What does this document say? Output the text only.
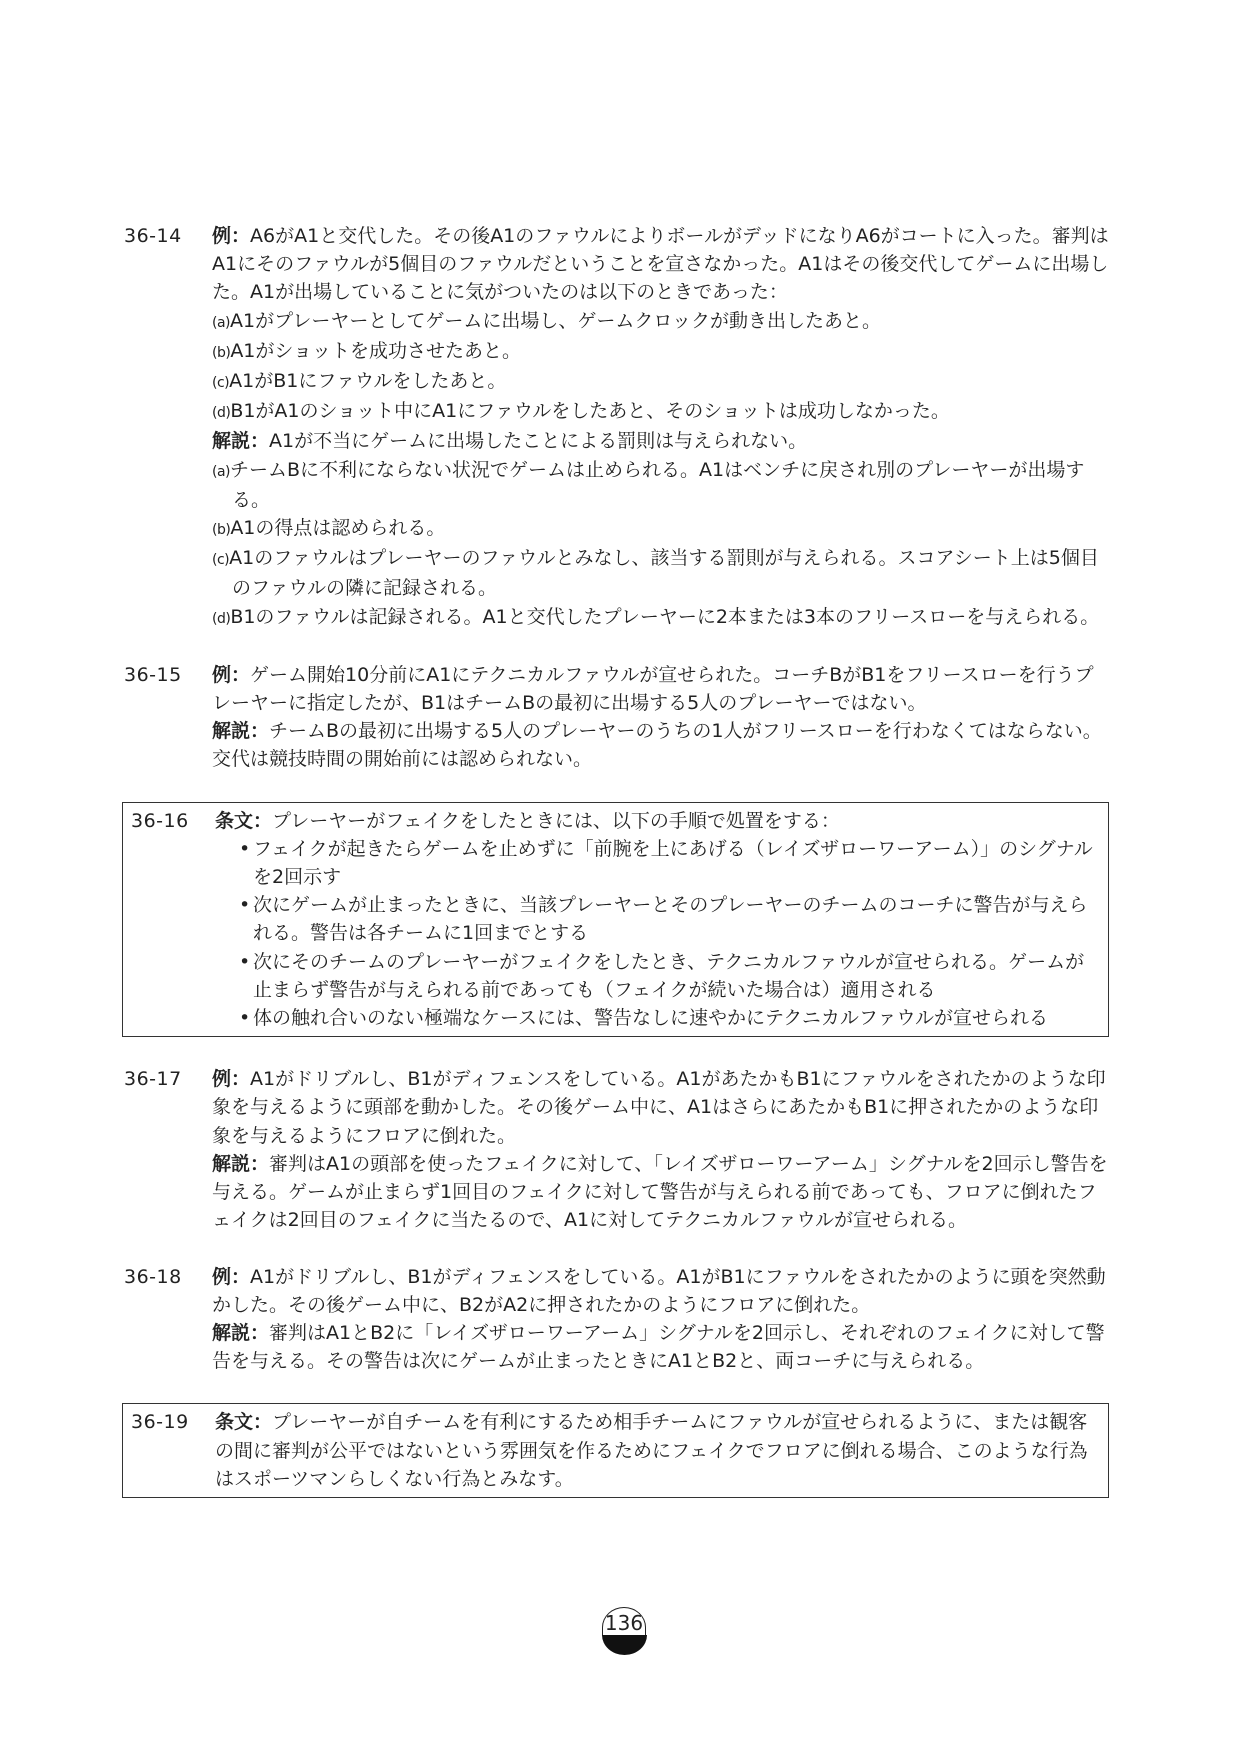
36-14	例：A6がA1と交代した。その後A1のファウルによりボールがデッドになりA6がコートに入った。審判はA1にそのファウルが5個目のファウルだということを宣さなかった。A1はその後交代してゲームに出場した。A1が出場していることに気がついたのは以下のときであった：

(a)A1がプレーヤーとしてゲームに出場し、ゲームクロックが動き出したあと。

(b)A1がショットを成功させたあと。

(c)A1がB1にファウルをしたあと。

(d)B1がA1のショット中にA1にファウルをしたあと、そのショットは成功しなかった。

解説：A1が不当にゲームに出場したことによる罰則は与えられない。

(a)チームBに不利にならない状況でゲームは止められる。A1はベンチに戻され別のプレーヤーが出場する。

(b)A1の得点は認められる。

(c)A1のファウルはプレーヤーのファウルとみなし、該当する罰則が与えられる。スコアシート上は5個目のファウルの隣に記録される。

(d)B1のファウルは記録される。A1と交代したプレーヤーに2本または3本のフリースローを与えられる。

36-15	例：ゲーム開始10分前にA1にテクニカルファウルが宣せられた。コーチBがB1をフリースローを行うプレーヤーに指定したが、B1はチームBの最初に出場する5人のプレーヤーではない。

解説：チームBの最初に出場する5人のプレーヤーのうちの1人がフリースローを行わなくてはならない。交代は競技時間の開始前には認められない。

36-16	条文：プレーヤーがフェイクをしたときには、以下の手順で処置をする：

• フェイクが起きたらゲームを止めずに「前腕を上にあげる（レイズザローワーアーム）」のシグナルを2回示す
• 次にゲームが止まったときに、当該プレーヤーとそのプレーヤーのチームのコーチに警告が与えられる。警告は各チームに1回までとする
• 次にそのチームのプレーヤーがフェイクをしたとき、テクニカルファウルが宣せられる。ゲームが止まらず警告が与えられる前であっても（フェイクが続いた場合は）適用される
• 体の触れ合いのない極端なケースには、警告なしに速やかにテクニカルファウルが宣せられる
36-17	例：A1がドリブルし、B1がディフェンスをしている。A1があたかもB1にファウルをされたかのような印象を与えるように頭部を動かした。その後ゲーム中に、A1はさらにあたかもB1に押されたかのような印象を与えるようにフロアに倒れた。

解説：審判はA1の頭部を使ったフェイクに対して、「レイズザローワーアーム」シグナルを2回示し警告を与える。ゲームが止まらず1回目のフェイクに対して警告が与えられる前であっても、フロアに倒れたフェイクは2回目のフェイクに当たるので、A1に対してテクニカルファウルが宣せられる。

36-18	例：A1がドリブルし、B1がディフェンスをしている。A1がB1にファウルをされたかのように頭を突然動かした。その後ゲーム中に、B2がA2に押されたかのようにフロアに倒れた。

解説：審判はA1とB2に「レイズザローワーアーム」シグナルを2回示し、それぞれのフェイクに対して警告を与える。その警告は次にゲームが止まったときにA1とB2と、両コーチに与えられる。

36-19	条文：プレーヤーが自チームを有利にするため相手チームにファウルが宣せられるように、または観客の間に審判が公平ではないという雰囲気を作るためにフェイクでフロアに倒れる場合、このような行為はスポーツマンらしくない行為とみなす。

136
